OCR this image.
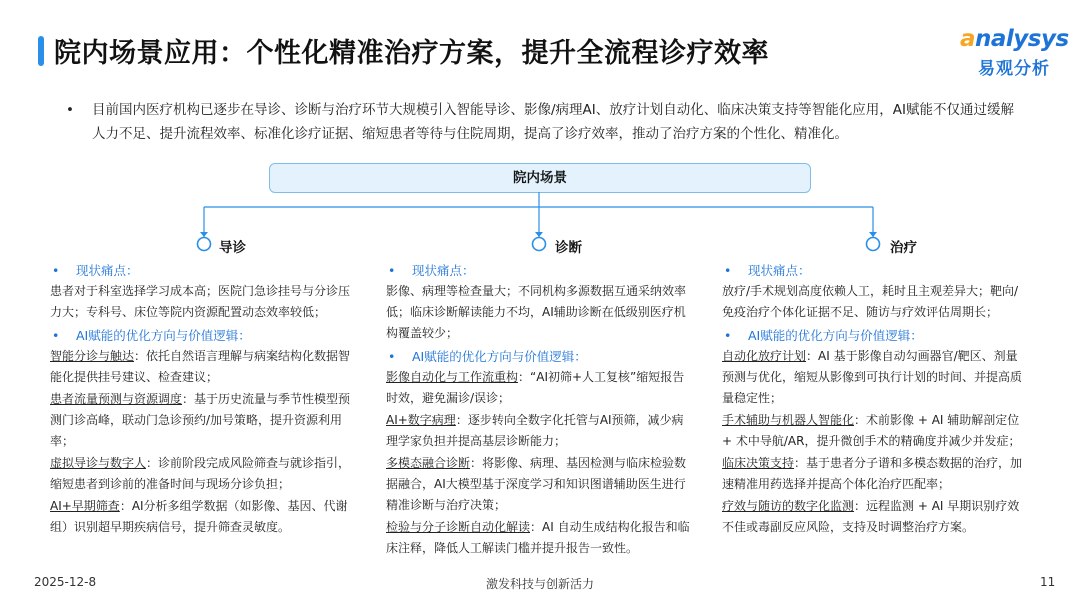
院内场景应用：个性化精准治疗方案，提升全流程诊疗效率	analysys
易观分析
• 目前国内医疗机构已逐步在导诊、诊断与治疗环节大规模引入智能导诊、影像/病理AI、放疗计划自动化、临床决策支持等智能化应用，AI赋能不仅通过缓解人力不足、提升流程效率、标准化诊疗证据、缩短患者等待与住院周期，提高了诊疗效率，推动了治疗方案的个性化、精准化。
院内场景
导诊	诊断	治疗
• 现状痛点：

患者对于科室选择学习成本高；医院门急诊挂号与分诊压力大；专科号、床位等院内资源配置动态效率较低；

• AI赋能的优化方向与价值逻辑：

智能分诊与触达：依托自然语言理解与病案结构化数据智能化提供挂号建议、检查建议；

患者流量预测与资源调度：基于历史流量与季节性模型预测门诊高峰，联动门急诊预约/加号策略，提升资源利用率；

虚拟导诊与数字人：诊前阶段完成风险筛查与就诊指引，缩短患者到诊前的准备时间与现场分诊负担；

AI+早期筛查：AI分析多组学数据（如影像、基因、代谢组）识别超早期疾病信号，提升筛查灵敏度。

• 现状痛点：

影像、病理等检查量大；不同机构多源数据互通采纳效率低；临床诊断解读能力不均，AI辅助诊断在低级别医疗机构覆盖较少；

• AI赋能的优化方向与价值逻辑：

影像自动化与工作流重构：“AI初筛+人工复核”缩短报告时效，避免漏诊/误诊；

AI+数字病理：逐步转向全数字化托管与AI预筛，减少病理学家负担并提高基层诊断能力；

多模态融合诊断：将影像、病理、基因检测与临床检验数据融合，AI大模型基于深度学习和知识图谱辅助医生进行精准诊断与治疗决策；

检验与分子诊断自动化解读：AI 自动生成结构化报告和临床注释，降低人工解读门槛并提升报告一致性。

• 现状痛点：

放疗/手术规划高度依赖人工，耗时且主观差异大；靶向/免疫治疗个体化证据不足、随访与疗效评估周期长；

• AI赋能的优化方向与价值逻辑：

自动化放疗计划：AI 基于影像自动勾画器官/靶区、剂量预测与优化，缩短从影像到可执行计划的时间、并提高质量稳定性；

手术辅助与机器人智能化：术前影像 + AI 辅助解剖定位 + 术中导航/AR，提升微创手术的精确度并减少并发症；

临床决策支持：基于患者分子谱和多模态数据的治疗，加速精准用药选择并提高个体化治疗匹配率；

疗效与随访的数字化监测：远程监测 + AI 早期识别疗效不佳或毒副反应风险，支持及时调整治疗方案。

激发科技与创新活力
2025-12-8	11
